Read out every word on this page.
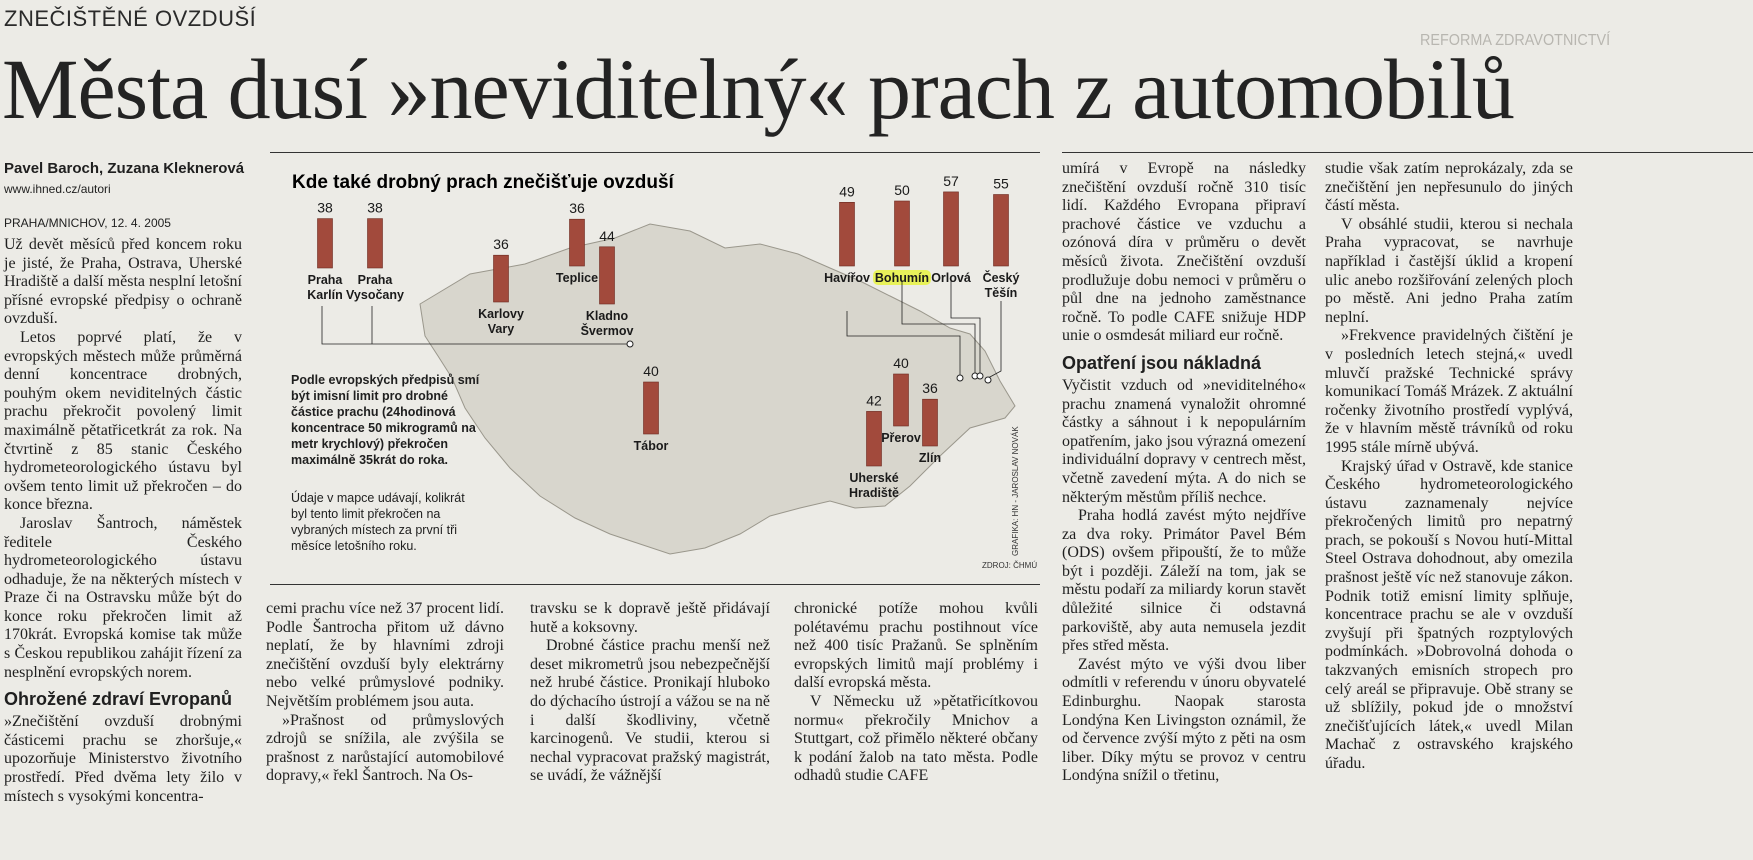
ZNEČIŠTĚNÉ OVZDUŠÍ
REFORMA ZDRAVOTNICTVÍ
Města dusí »neviditelný« prach z automobilů
Pavel Baroch, Zuzana Kleknerová
www.ihned.cz/autori
PRAHA/MNICHOV, 12. 4. 2005

Už devět měsíců před koncem roku je jisté, že Praha, Ostrava, Uherské Hradiště a další města nesplní letošní přísné evropské předpisy o ochraně ovzduší.

Letos poprvé platí, že v evropských městech může průměrná denní koncentrace drobných, pouhým okem neviditelných částic prachu překročit povolený limit maximálně pětatřicetkrát za rok. Na čtvrtině z 85 stanic Českého hydrometeorologického ústavu byl ovšem tento limit už překročen – do konce března.

Jaroslav Šantroch, náměstek ředitele Českého hydrometeorologického ústavu odhaduje, že na některých místech v Praze či na Ostravsku může být do konce roku překročen limit až 170krát. Evropská komise tak může s Českou republikou zahájit řízení za nesplnění evropských norem.

Ohrožené zdraví Evropanů

»Znečištění ovzduší drobnými částicemi prachu se zhoršuje,« upozorňuje Ministerstvo životního prostředí. Před dvěma lety žilo v místech s vysokými koncentra-

38
Praha
Karlín
38
Praha
Vysočany
36
Karlovy
Vary
36
Teplice
44
Kladno
Švermov
40
Tábor
49
Havířov
50
Bohumín
57
Orlová
55
Český
Těšín
40
Přerov
42
Uherské
Hradiště
36
Zlín
Kde také drobný prach znečišťuje ovzduší
GRAFIKA: HN - JAROSLAV NOVÁK
ZDROJ: ČHMÚ
Podle evropských předpisů smí být imisní limit pro drobné částice prachu (24hodinová koncentrace 50 mikrogramů na metr krychlový) překročen maximálně 35krát do roka.
Údaje v mapce udávají, kolikrát byl tento limit překročen na vybraných místech za první tři měsíce letošního roku.

cemi prachu více než 37 procent lidí. Podle Šantrocha přitom už dávno neplatí, že by hlavními zdroji znečištění ovzduší byly elektrárny nebo velké průmyslové podniky. Největším problémem jsou auta.

»Prašnost od průmyslových zdrojů se snížila, ale zvýšila se prašnost z narůstající automobilové dopravy,« řekl Šantroch. Na Os-

travsku se k dopravě ještě přidávají hutě a koksovny.

Drobné částice prachu menší než deset mikrometrů jsou nebezpečnější než hrubé částice. Pronikají hluboko do dýchacího ústrojí a vážou se na ně i další škodliviny, včetně karcinogenů. Ve studii, kterou si nechal vypracovat pražský magistrát, se uvádí, že vážnější

chronické potíže mohou kvůli polétavému prachu postihnout více než 400 tisíc Pražanů. Se splněním evropských limitů mají problémy i další evropská města.

V Německu už »pětatřicítkovou normu« překročily Mnichov a Stuttgart, což přimělo některé občany k podání žalob na tato města. Podle odhadů studie CAFE

umírá v Evropě na následky znečištění ovzduší ročně 310 tisíc lidí. Každého Evropana připraví prachové částice ve vzduchu a ozónová díra v průměru o devět měsíců života. Znečištění ovzduší prodlužuje dobu nemoci v průměru o půl dne na jednoho zaměstnance ročně. To podle CAFE snižuje HDP unie o osmdesát miliard eur ročně.

Opatření jsou nákladná

Vyčistit vzduch od »neviditelného« prachu znamená vynaložit ohromné částky a sáhnout i k nepopulárním opatřením, jako jsou výrazná omezení individuální dopravy v centrech měst, včetně zavedení mýta. A do nich se některým městům příliš nechce.

Praha hodlá zavést mýto nejdříve za dva roky. Primátor Pavel Bém (ODS) ovšem připouští, že to může být i později. Záleží na tom, jak se městu podaří za miliardy korun stavět důležité silnice či odstavná parkoviště, aby auta nemusela jezdit přes střed města.

Zavést mýto ve výši dvou liber odmítli v referendu v únoru obyvatelé Edinburghu. Naopak starosta Londýna Ken Livingston oznámil, že od července zvýší mýto z pěti na osm liber. Díky mýtu se provoz v centru Londýna snížil o třetinu,

studie však zatím neprokázaly, zda se znečištění jen nepřesunulo do jiných částí města.

V obsáhlé studii, kterou si nechala Praha vypracovat, se navrhuje například i častější úklid a kropení ulic anebo rozšiřování zelených ploch po městě. Ani jedno Praha zatím neplní.

»Frekvence pravidelných čištění je v posledních letech stejná,« uvedl mluvčí pražské Technické správy komunikací Tomáš Mrázek. Z aktuální ročenky životního prostředí vyplývá, že v hlavním městě trávníků od roku 1995 stále mírně ubývá.

Krajský úřad v Ostravě, kde stanice Českého hydrometeorologického ústavu zaznamenaly nejvíce překročených limitů pro nepatrný prach, se pokouší s Novou hutí-Mittal Steel Ostrava dohodnout, aby omezila prašnost ještě víc než stanovuje zákon. Podnik totiž emisní limity splňuje, koncentrace prachu se ale v ovzduší zvyšují při špatných rozptylových podmínkách. »Dobrovolná dohoda o takzvaných emisních stropech pro celý areál se připravuje. Obě strany se už sblížily, pokud jde o množství znečišťujících látek,« uvedl Milan Machač z ostravského krajského úřadu.
